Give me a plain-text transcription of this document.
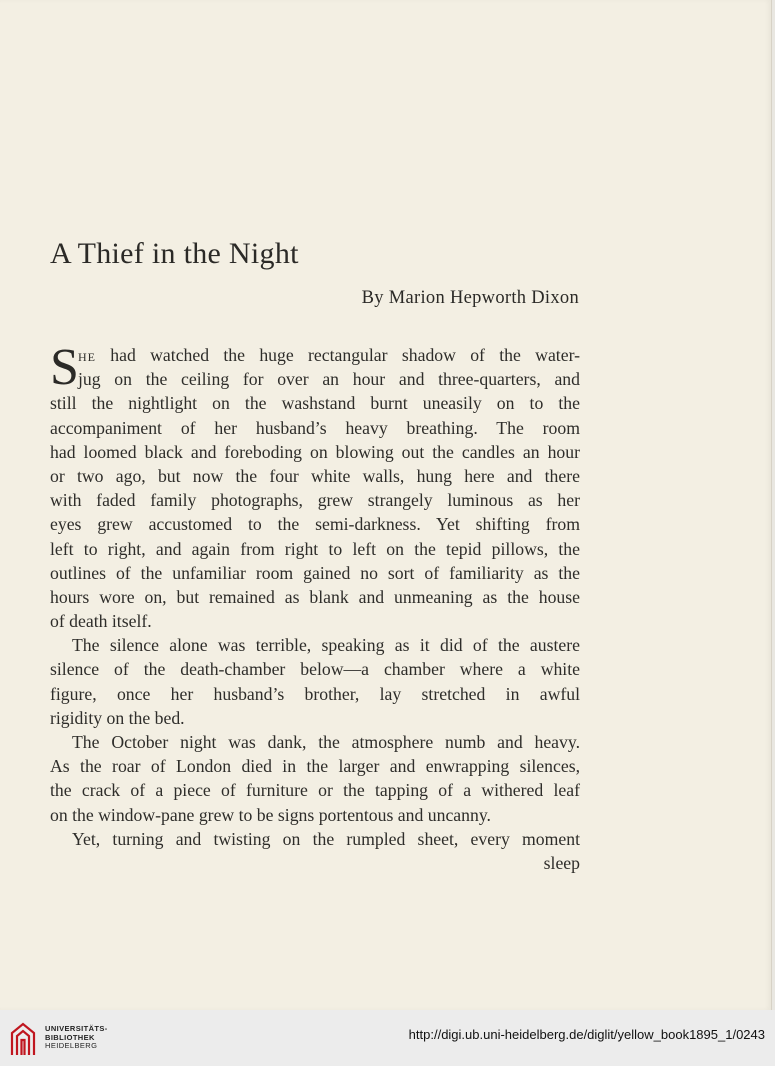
A Thief in the Night
By Marion Hepworth Dixon
S he had watched the huge rectangular shadow of the water-
jug on the ceiling for over an hour and three-quarters, and
still the nightlight on the washstand burnt uneasily on to the
accompaniment of her husband’s heavy breathing. The room
had loomed black and foreboding on blowing out the candles an hour
or two ago, but now the four white walls, hung here and there
with faded family photographs, grew strangely luminous as her
eyes grew accustomed to the semi-darkness. Yet shifting from
left to right, and again from right to left on the tepid pillows, the
outlines of the unfamiliar room gained no sort of familiarity as the
hours wore on, but remained as blank and unmeaning as the house
of death itself.
The silence alone was terrible, speaking as it did of the austere
silence of the death-chamber below—a chamber where a white
figure, once her husband’s brother, lay stretched in awful
rigidity on the bed.
The October night was dank, the atmosphere numb and heavy.
As the roar of London died in the larger and enwrapping silences,
the crack of a piece of furniture or the tapping of a withered leaf
on the window-pane grew to be signs portentous and uncanny.
Yet, turning and twisting on the rumpled sheet, every moment
sleep
UNIVERSITÄTS-
BIBLIOTHEK
HEIDELBERG
http://digi.ub.uni-heidelberg.de/diglit/yellow_book1895_1/0243
